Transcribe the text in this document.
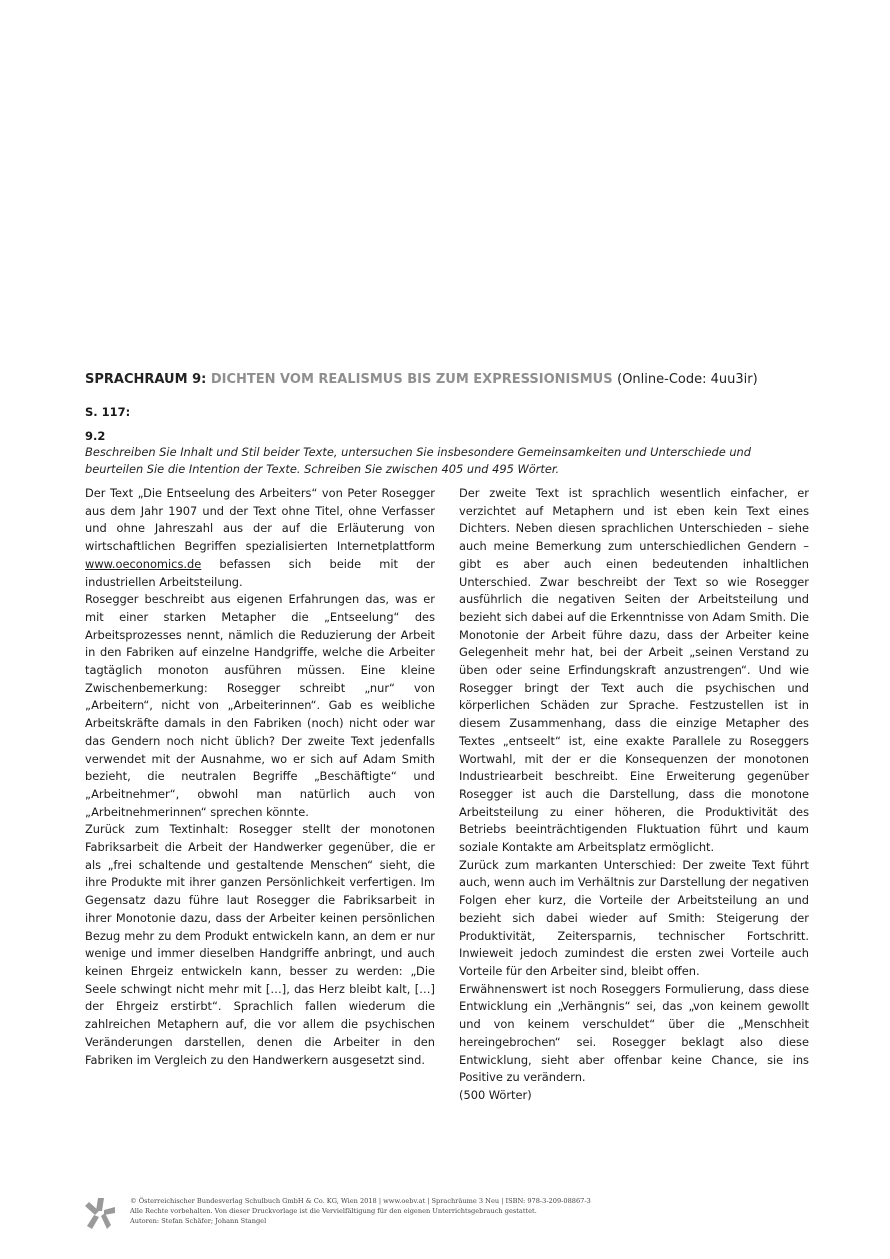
SPRACHRAUM 9: DICHTEN VOM REALISMUS BIS ZUM EXPRESSIONISMUS (Online-Code: 4uu3ir)

S. 117:

9.2

Beschreiben Sie Inhalt und Stil beider Texte, untersuchen Sie insbesondere Gemeinsamkeiten und Unterschiede und beurteilen Sie die Intention der Texte. Schreiben Sie zwischen 405 und 495 Wörter.

Der Text „Die Entseelung des Arbeiters“ von Peter Rosegger aus dem Jahr 1907 und der Text ohne Titel, ohne Verfasser und ohne Jahreszahl aus der auf die Erläuterung von wirtschaftlichen Begriffen spezialisierten Internetplattform www.oeconomics.de befassen sich beide mit der industriellen Arbeitsteilung.

Rosegger beschreibt aus eigenen Erfahrungen das, was er mit einer starken Metapher die „Entseelung“ des Arbeitsprozesses nennt, nämlich die Reduzierung der Arbeit in den Fabriken auf einzelne Handgriffe, welche die Arbeiter tagtäglich monoton ausführen müssen. Eine kleine Zwischenbemerkung: Rosegger schreibt „nur“ von „Arbeitern“, nicht von „Arbeiterinnen“. Gab es weibliche Arbeitskräfte damals in den Fabriken (noch) nicht oder war das Gendern noch nicht üblich? Der zweite Text jedenfalls verwendet mit der Ausnahme, wo er sich auf Adam Smith bezieht, die neutralen Begriffe „Beschäftigte“ und „Arbeitnehmer“, obwohl man natürlich auch von „Arbeitnehmerinnen“ sprechen könnte.

Zurück zum Textinhalt: Rosegger stellt der monotonen Fabriksarbeit die Arbeit der Handwerker gegenüber, die er als „frei schaltende und gestaltende Menschen“ sieht, die ihre Produkte mit ihrer ganzen Persönlichkeit verfertigen. Im Gegensatz dazu führe laut Rosegger die Fabriksarbeit in ihrer Monotonie dazu, dass der Arbeiter keinen persönlichen Bezug mehr zu dem Produkt entwickeln kann, an dem er nur wenige und immer dieselben Handgriffe anbringt, und auch keinen Ehrgeiz entwickeln kann, besser zu werden: „Die Seele schwingt nicht mehr mit […], das Herz bleibt kalt, […] der Ehrgeiz erstirbt“. Sprachlich fallen wiederum die zahlreichen Metaphern auf, die vor allem die psychischen Veränderungen darstellen, denen die Arbeiter in den Fabriken im Vergleich zu den Handwerkern ausgesetzt sind.

Der zweite Text ist sprachlich wesentlich einfacher, er verzichtet auf Metaphern und ist eben kein Text eines Dichters. Neben diesen sprachlichen Unterschieden – siehe auch meine Bemerkung zum unterschiedlichen Gendern – gibt es aber auch einen bedeutenden inhaltlichen Unterschied. Zwar beschreibt der Text so wie Rosegger ausführlich die negativen Seiten der Arbeitsteilung und bezieht sich dabei auf die Erkenntnisse von Adam Smith. Die Monotonie der Arbeit führe dazu, dass der Arbeiter keine Gelegenheit mehr hat, bei der Arbeit „seinen Verstand zu üben oder seine Erfindungskraft anzustrengen“. Und wie Rosegger bringt der Text auch die psychischen und körperlichen Schäden zur Sprache. Festzustellen ist in diesem Zusammenhang, dass die einzige Metapher des Textes „entseelt“ ist, eine exakte Parallele zu Roseggers Wortwahl, mit der er die Konsequenzen der monotonen Industriearbeit beschreibt. Eine Erweiterung gegenüber Rosegger ist auch die Darstellung, dass die monotone Arbeitsteilung zu einer höheren, die Produktivität des Betriebs beeinträchtigenden Fluktuation führt und kaum soziale Kontakte am Arbeitsplatz ermöglicht.

Zurück zum markanten Unterschied: Der zweite Text führt auch, wenn auch im Verhältnis zur Darstellung der negativen Folgen eher kurz, die Vorteile der Arbeitsteilung an und bezieht sich dabei wieder auf Smith: Steigerung der Produktivität, Zeitersparnis, technischer Fortschritt. Inwieweit jedoch zumindest die ersten zwei Vorteile auch Vorteile für den Arbeiter sind, bleibt offen.

Erwähnenswert ist noch Roseggers Formulierung, dass diese Entwicklung ein „Verhängnis“ sei, das „von keinem gewollt und von keinem verschuldet“ über die „Menschheit hereingebrochen“ sei. Rosegger beklagt also diese Entwicklung, sieht aber offenbar keine Chance, sie ins Positive zu verändern.

(500 Wörter)

© Österreichischer Bundesverlag Schulbuch GmbH & Co. KG, Wien 2018 | www.oebv.at | Sprachräume 3 Neu | ISBN: 978-3-209-08867-3
Alle Rechte vorbehalten. Von dieser Druckvorlage ist die Vervielfältigung für den eigenen Unterrichtsgebrauch gestattet.
Autoren: Stefan Schäfer; Johann Stangel
